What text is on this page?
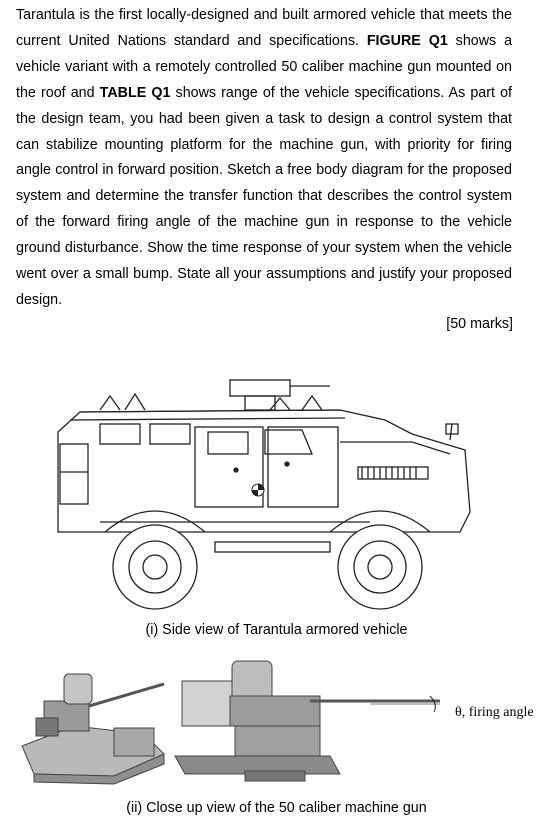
Tarantula is the first locally-designed and built armored vehicle that meets the current United Nations standard and specifications. FIGURE Q1 shows a vehicle variant with a remotely controlled 50 caliber machine gun mounted on the roof and TABLE Q1 shows range of the vehicle specifications. As part of the design team, you had been given a task to design a control system that can stabilize mounting platform for the machine gun, with priority for firing angle control in forward position. Sketch a free body diagram for the proposed system and determine the transfer function that describes the control system of the forward firing angle of the machine gun in response to the vehicle ground disturbance. Show the time response of your system when the vehicle went over a small bump. State all your assumptions and justify your proposed design.
[50 marks]
(i) Side view of Tarantula armored vehicle
θ, firing angle
(ii) Close up view of the 50 caliber machine gun
